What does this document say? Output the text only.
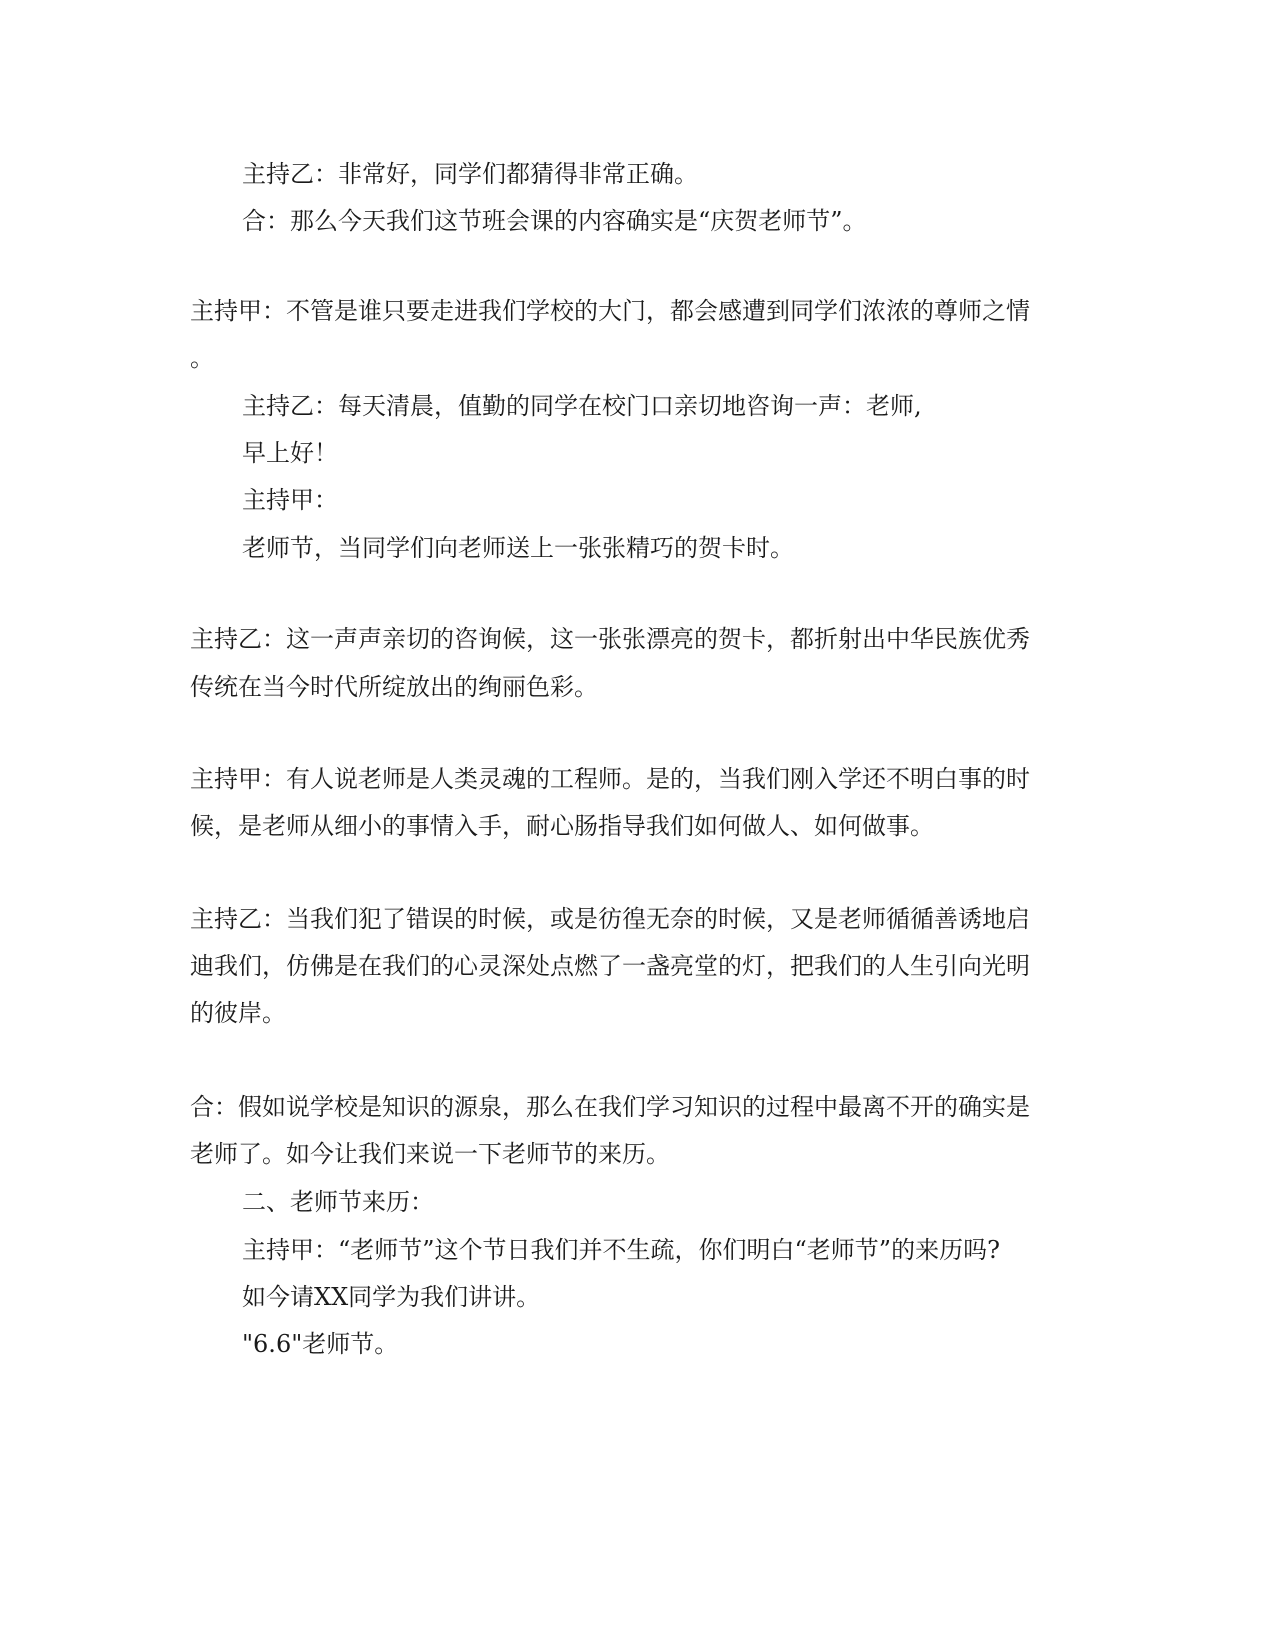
主持乙：非常好，同学们都猜得非常正确。
合：那么今天我们这节班会课的内容确实是“庆贺老师节”。
主持甲：不管是谁只要走进我们学校的大门，都会感遭到同学们浓浓的尊师之情
。
主持乙：每天清晨，值勤的同学在校门口亲切地咨询一声：老师,
早上好！
主持甲：
老师节，当同学们向老师送上一张张精巧的贺卡时。
主持乙：这一声声亲切的咨询候，这一张张漂亮的贺卡，都折射出中华民族优秀
传统在当今时代所绽放出的绚丽色彩。
主持甲：有人说老师是人类灵魂的工程师。是的，当我们刚入学还不明白事的时
候，是老师从细小的事情入手，耐心肠指导我们如何做人、如何做事。
主持乙：当我们犯了错误的时候，或是彷徨无奈的时候，又是老师循循善诱地启
迪我们，仿佛是在我们的心灵深处点燃了一盏亮堂的灯，把我们的人生引向光明
的彼岸。
合：假如说学校是知识的源泉，那么在我们学习知识的过程中最离不开的确实是
老师了。如今让我们来说一下老师节的来历。
二、老师节来历：
主持甲：“老师节”这个节日我们并不生疏，你们明白“老师节”的来历吗?
如今请XX同学为我们讲讲。
"6.6"老师节。
